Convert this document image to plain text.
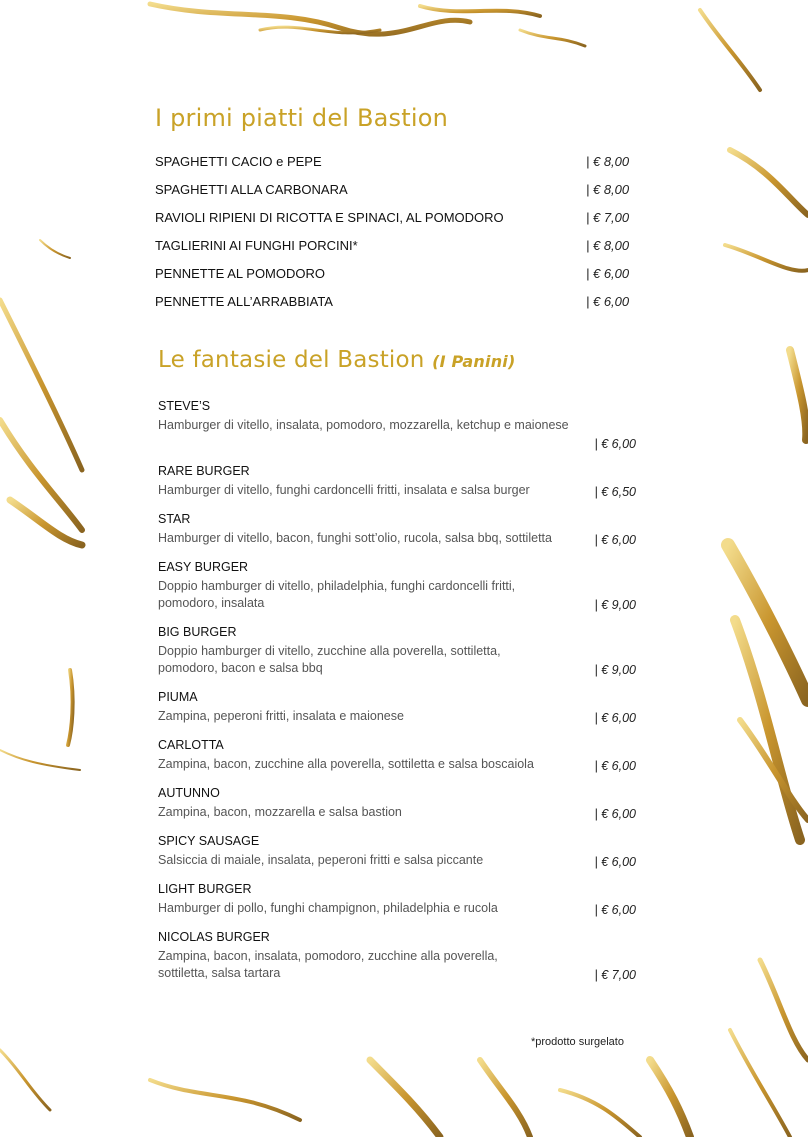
I primi piatti del Bastion
SPAGHETTI CACIO e PEPE	| € 8,00
SPAGHETTI ALLA CARBONARA	| € 8,00
RAVIOLI RIPIENI DI RICOTTA E SPINACI, AL POMODORO	| € 7,00
TAGLIERINI AI FUNGHI PORCINI*	| € 8,00
PENNETTE AL POMODORO	| € 6,00
PENNETTE ALL’ARRABBIATA	| € 6,00
Le fantasie del Bastion (I Panini)
STEVE’S
Hamburger di vitello, insalata, pomodoro, mozzarella, ketchup e maionese
| € 6,00
RARE BURGER
Hamburger di vitello, funghi cardoncelli fritti, insalata e salsa burger	| € 6,50
STAR
Hamburger di vitello, bacon, funghi sott’olio, rucola, salsa bbq, sottiletta	| € 6,00
EASY BURGER
Doppio hamburger di vitello, philadelphia, funghi cardoncelli fritti, pomodoro, insalata	| € 9,00
BIG BURGER
Doppio hamburger di vitello, zucchine alla poverella, sottiletta, pomodoro, bacon e salsa bbq	| € 9,00
PIUMA
Zampina, peperoni fritti, insalata e maionese	| € 6,00
CARLOTTA
Zampina, bacon, zucchine alla poverella, sottiletta e salsa boscaiola	| € 6,00
AUTUNNO
Zampina, bacon, mozzarella e salsa bastion	| € 6,00
SPICY SAUSAGE
Salsiccia di maiale, insalata, peperoni fritti e salsa piccante	| € 6,00
LIGHT BURGER
Hamburger di pollo, funghi champignon, philadelphia e rucola	| € 6,00
NICOLAS BURGER
Zampina, bacon, insalata, pomodoro, zucchine alla poverella, sottiletta, salsa tartara	| € 7,00
*prodotto surgelato
